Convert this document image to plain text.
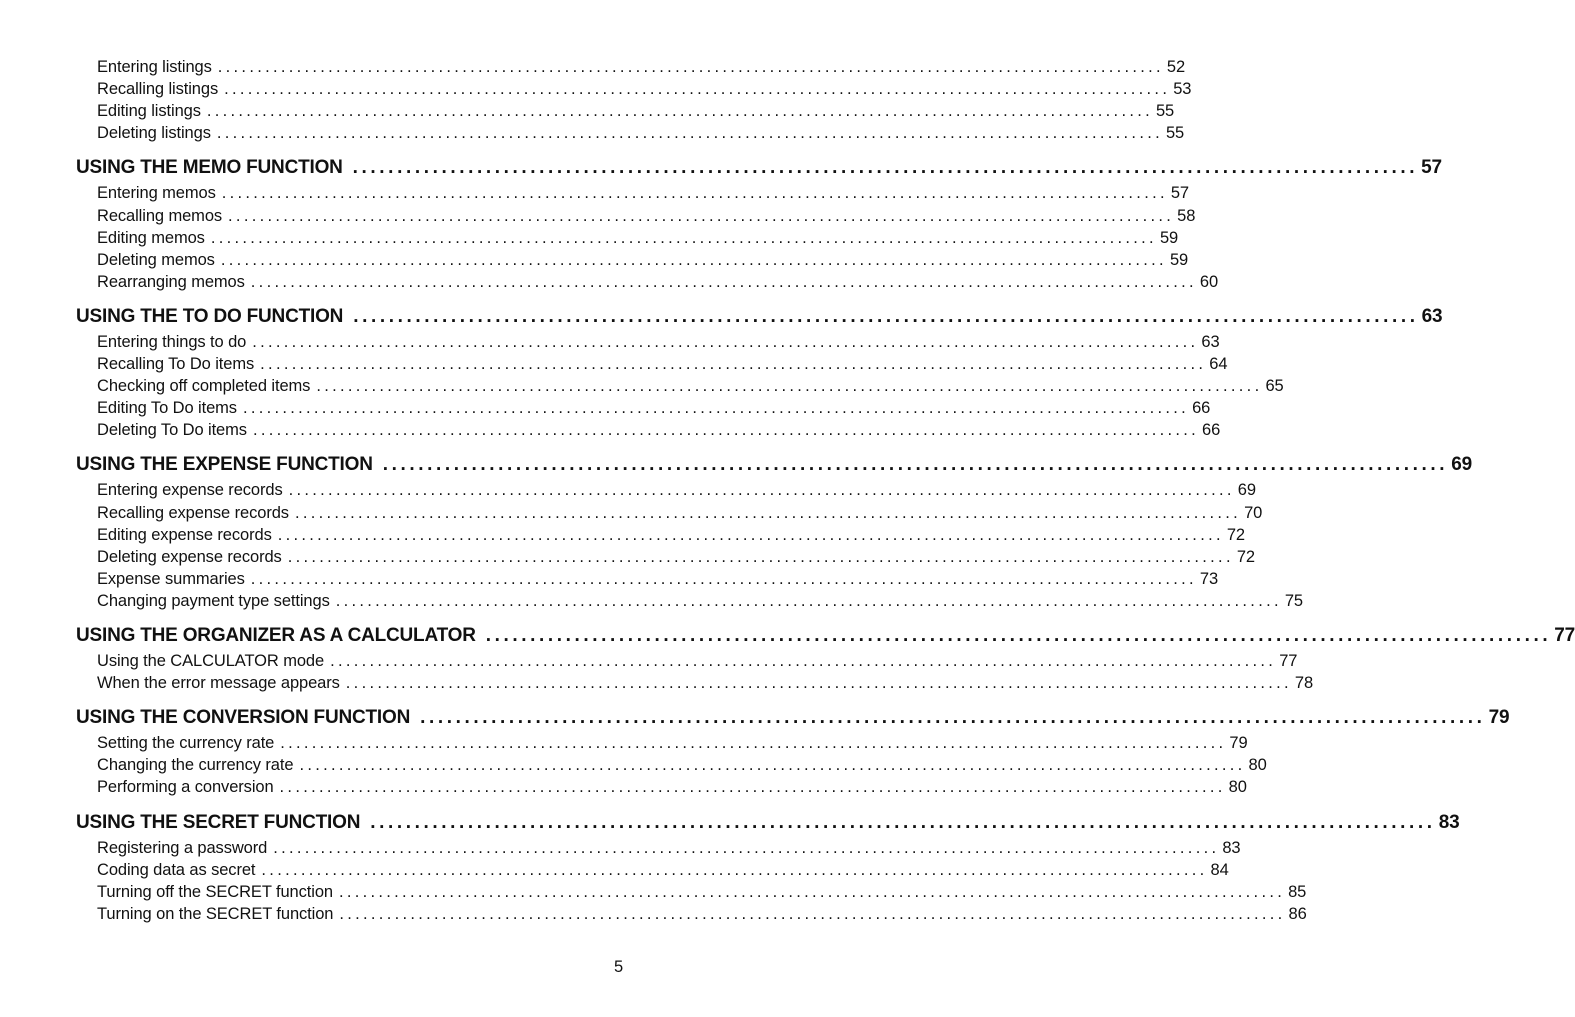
Entering listings ........................................................................................................................ 52
Recalling listings ........................................................................................................................ 53
Editing listings ........................................................................................................................ 55
Deleting listings ........................................................................................................................ 55
USING THE MEMO FUNCTION ........................................................................................................................ 57
Entering memos ........................................................................................................................ 57
Recalling memos ........................................................................................................................ 58
Editing memos ........................................................................................................................ 59
Deleting memos ........................................................................................................................ 59
Rearranging memos ........................................................................................................................ 60
USING THE TO DO FUNCTION ........................................................................................................................ 63
Entering things to do ........................................................................................................................ 63
Recalling To Do items ........................................................................................................................ 64
Checking off completed items ........................................................................................................................ 65
Editing To Do items ........................................................................................................................ 66
Deleting To Do items ........................................................................................................................ 66
USING THE EXPENSE FUNCTION ........................................................................................................................ 69
Entering expense records ........................................................................................................................ 69
Recalling expense records ........................................................................................................................ 70
Editing expense records ........................................................................................................................ 72
Deleting expense records ........................................................................................................................ 72
Expense summaries ........................................................................................................................ 73
Changing payment type settings ........................................................................................................................ 75
USING THE ORGANIZER AS A CALCULATOR ........................................................................................................................ 77
Using the CALCULATOR mode ........................................................................................................................ 77
When the error message appears ........................................................................................................................ 78
USING THE CONVERSION FUNCTION ........................................................................................................................ 79
Setting the currency rate ........................................................................................................................ 79
Changing the currency rate ........................................................................................................................ 80
Performing a conversion ........................................................................................................................ 80
USING THE SECRET FUNCTION ........................................................................................................................ 83
Registering a password ........................................................................................................................ 83
Coding data as secret ........................................................................................................................ 84
Turning off the SECRET function ........................................................................................................................ 85
Turning on the SECRET function ........................................................................................................................ 86
5
